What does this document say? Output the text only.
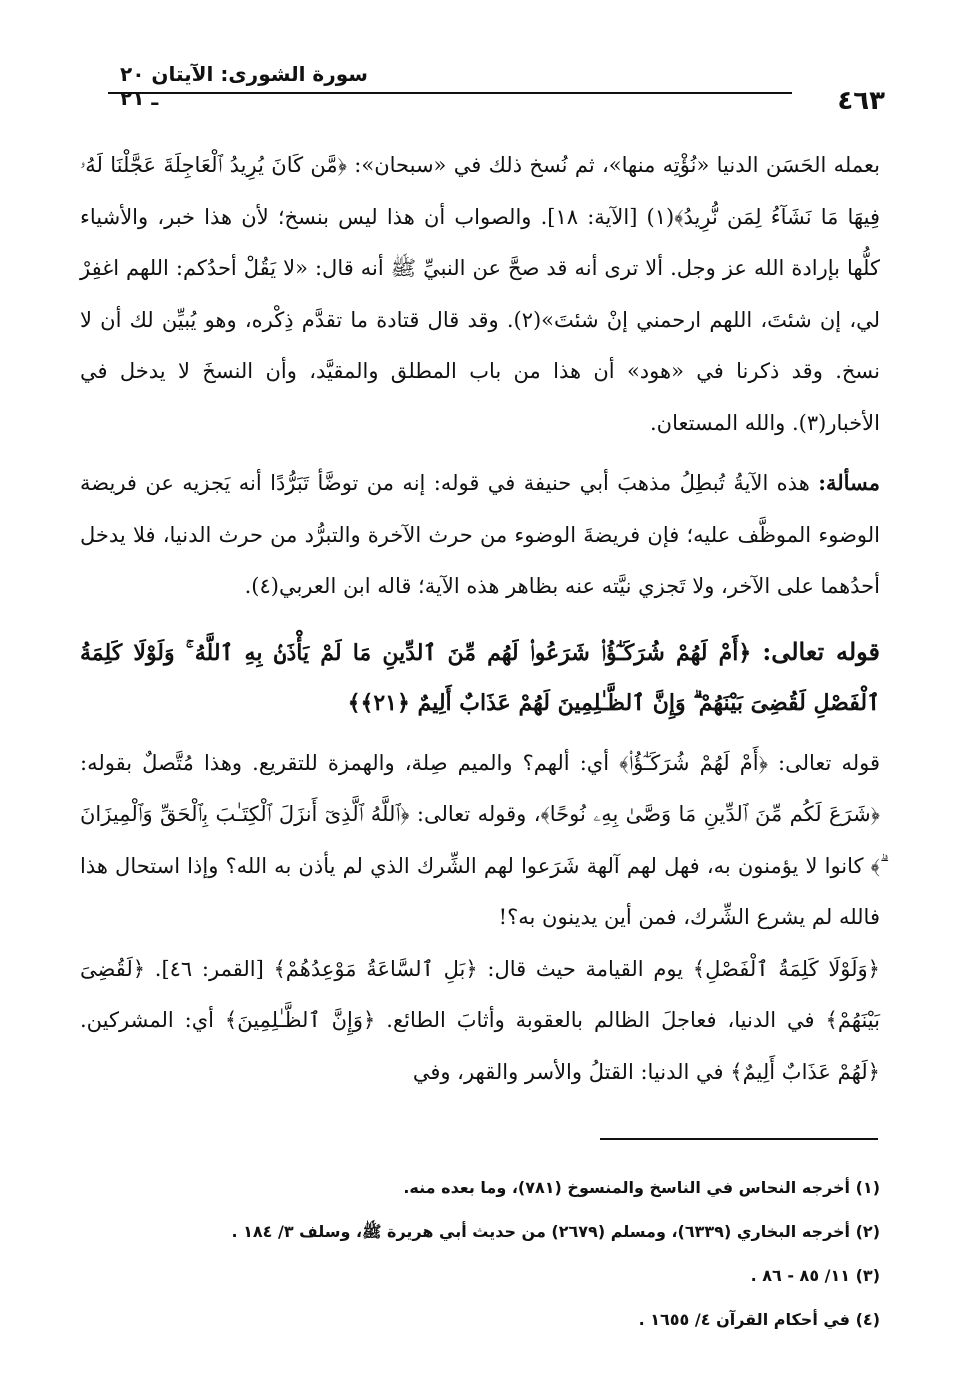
٤٦٣
سورة الشورى: الآيتان ٢٠ ـ ٢١

بعمله الحَسَن الدنيا «نُؤْتِه منها»، ثم نُسخ ذلك في «سبحان»: ﴿مَّن كَانَ يُرِيدُ ٱلْعَاجِلَةَ عَجَّلْنَا لَهُۥ فِيهَا مَا نَشَآءُ لِمَن نُّرِيدُ﴾(١) [الآية: ١٨]. والصواب أن هذا ليس بنسخ؛ لأن هذا خبر، والأشياء كلُّها بإرادة الله عز وجل. ألا ترى أنه قد صحَّ عن النبيِّ ﷺ أنه قال: «لا يَقُلْ أحدُكم: اللهم اغفِرْ لي، إن شئتَ، اللهم ارحمني إنْ شئتَ»(٢). وقد قال قتادة ما تقدَّم ذِكْره، وهو يُبيِّن لك أن لا نسخ. وقد ذكرنا في «هود» أن هذا من باب المطلق والمقيَّد، وأن النسخَ لا يدخل في الأخبار(٣). والله المستعان.

مسألة: هذه الآيةُ تُبطِلُ مذهبَ أبي حنيفة في قوله: إنه من توضَّأ تَبَرُّدًا أنه يَجزيه عن فريضة الوضوء الموظَّف عليه؛ فإن فريضةَ الوضوء من حرث الآخرة والتبرُّد من حرث الدنيا، فلا يدخل أحدُهما على الآخر، ولا تَجزي نيَّته عنه بظاهر هذه الآية؛ قاله ابن العربي(٤).

قوله تعالى: ﴿أَمْ لَهُمْ شُرَكَـٰٓؤُا۟ شَرَعُوا۟ لَهُم مِّنَ ٱلدِّينِ مَا لَمْ يَأْذَنۢ بِهِ ٱللَّهُ ۚ وَلَوْلَا كَلِمَةُ ٱلْفَصْلِ لَقُضِىَ بَيْنَهُمْ ۗ وَإِنَّ ٱلظَّـٰلِمِينَ لَهُمْ عَذَابٌ أَلِيمٌ ﴿٢١﴾﴾

قوله تعالى: ﴿أَمْ لَهُمْ شُرَكَـٰٓؤُا۟﴾ أي: ألهم؟ والميم صِلة، والهمزة للتقريع. وهذا مُتَّصلٌ بقوله: ﴿شَرَعَ لَكُم مِّنَ ٱلدِّينِ مَا وَصَّىٰ بِهِۦ نُوحًا﴾، وقوله تعالى: ﴿ٱللَّهُ ٱلَّذِىٓ أَنزَلَ ٱلْكِتَـٰبَ بِٱلْحَقِّ وَٱلْمِيزَانَ ۗ﴾ كانوا لا يؤمنون به، فهل لهم آلهة شَرَعوا لهم الشِّرك الذي لم يأذن به الله؟ وإذا استحال هذا فالله لم يشرع الشِّرك، فمن أين يدينون به؟!

﴿وَلَوْلَا كَلِمَةُ ٱلْفَصْلِ﴾ يوم القيامة حيث قال: ﴿بَلِ ٱلسَّاعَةُ مَوْعِدُهُمْ﴾ [القمر: ٤٦]. ﴿لَقُضِىَ بَيْنَهُمْ﴾ في الدنيا، فعاجلَ الظالم بالعقوبة وأثابَ الطائع. ﴿وَإِنَّ ٱلظَّـٰلِمِينَ﴾ أي: المشركين. ﴿لَهُمْ عَذَابٌ أَلِيمٌ﴾ في الدنيا: القتلُ والأسر والقهر، وفي

(١) أخرجه النحاس في الناسخ والمنسوخ (٧٨١)، وما بعده منه.

(٢) أخرجه البخاري (٦٣٣٩)، ومسلم (٢٦٧٩) من حديث أبي هريرة ﷺ، وسلف ٣/ ١٨٤ .

(٣) ١١/ ٨٥ - ٨٦ .

(٤) في أحكام القرآن ٤/ ١٦٥٥ .
